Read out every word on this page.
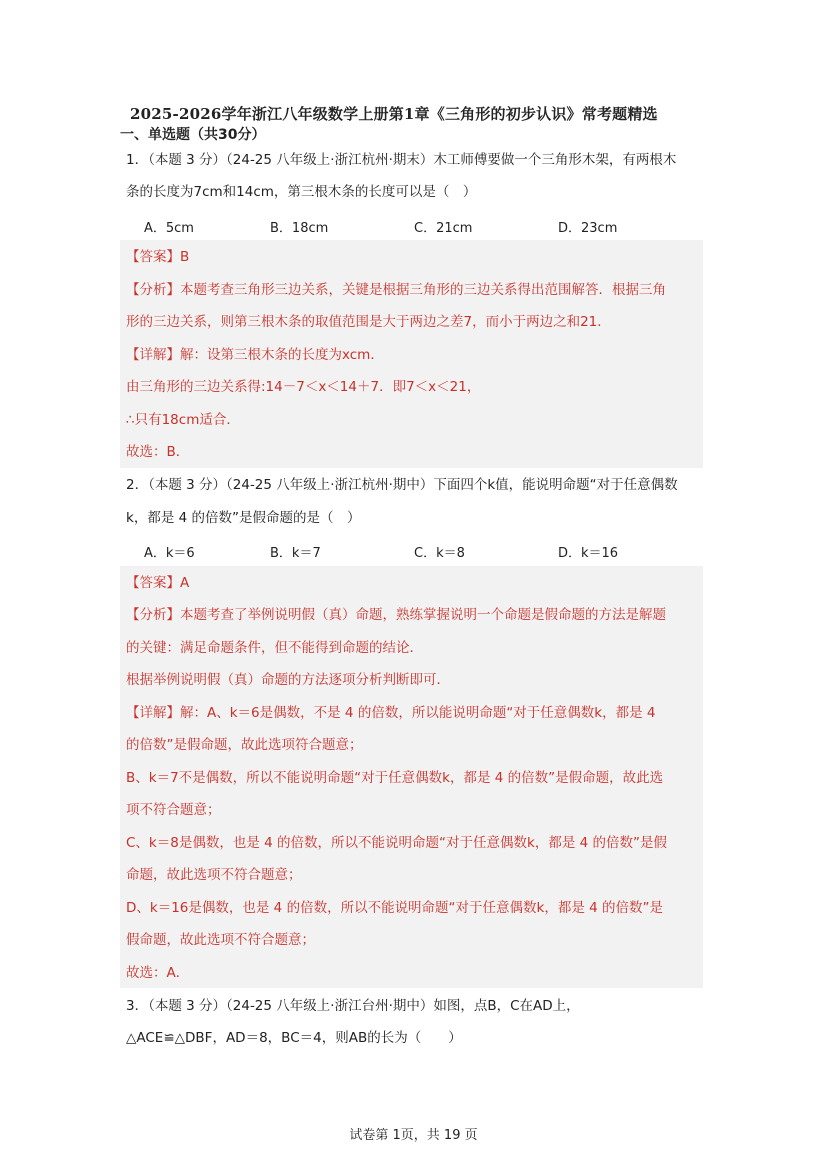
2025-2026学年浙江八年级数学上册第1章《三角形的初步认识》常考题精选
一、单选题（共30分）
1．（本题 3 分）（24-25 八年级上·浙江杭州·期末）木工师傅要做一个三角形木架，有两根木
条的长度为7cm和14cm，第三根木条的长度可以是（　）
A．5cm	B．18cm	C．21cm	D．23cm
【答案】B
【分析】本题考查三角形三边关系，关键是根据三角形的三边关系得出范围解答．根据三角
形的三边关系，则第三根木条的取值范围是大于两边之差7，而小于两边之和21．
【详解】解：设第三根木条的长度为xcm．
由三角形的三边关系得:14－7＜x＜14＋7．即7＜x＜21，
∴只有18cm适合．
故选：B．
2．（本题 3 分）（24-25 八年级上·浙江杭州·期中）下面四个k值，能说明命题“对于任意偶数
k，都是 4 的倍数”是假命题的是（　）
A．k＝6	B．k＝7	C．k＝8	D．k＝16
【答案】A
【分析】本题考查了举例说明假（真）命题，熟练掌握说明一个命题是假命题的方法是解题
的关键：满足命题条件，但不能得到命题的结论．
根据举例说明假（真）命题的方法逐项分析判断即可．
【详解】解：A、k＝6是偶数，不是 4 的倍数，所以能说明命题“对于任意偶数k，都是 4
的倍数”是假命题，故此选项符合题意；
B、k＝7不是偶数，所以不能说明命题“对于任意偶数k，都是 4 的倍数”是假命题，故此选
项不符合题意；
C、k＝8是偶数，也是 4 的倍数，所以不能说明命题“对于任意偶数k，都是 4 的倍数”是假
命题，故此选项不符合题意；
D、k＝16是偶数，也是 4 的倍数，所以不能说明命题“对于任意偶数k，都是 4 的倍数”是
假命题，故此选项不符合题意；
故选：A．
3．（本题 3 分）（24-25 八年级上·浙江台州·期中）如图，点B，C在AD上，
△ACE≌△DBF，AD＝8，BC＝4，则AB的长为（　　）
试卷第 1页，共 19 页
